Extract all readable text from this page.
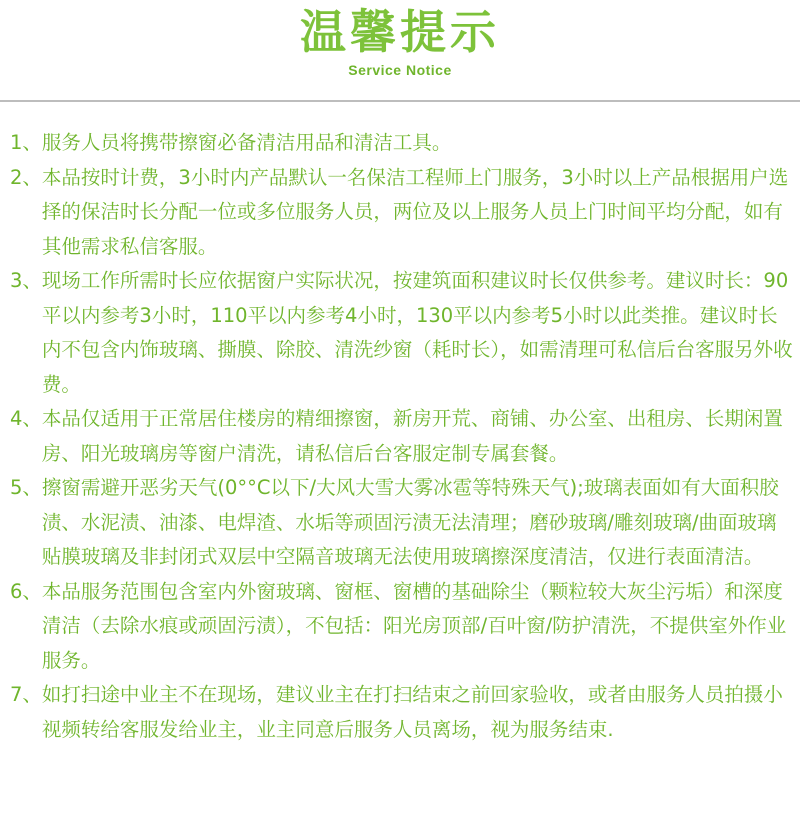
温馨提示
Service Notice
1、 服务人员将携带擦窗必备清洁用品和清洁工具。
2、 本品按时计费，3小时内产品默认一名保洁工程师上门服务，3小时以上产品根据用户选择的保洁时长分配一位或多位服务人员，两位及以上服务人员上门时间平均分配，如有其他需求私信客服。
3、 现场工作所需时长应依据窗户实际状况，按建筑面积建议时长仅供参考。建议时长：90平以内参考3小时，110平以内参考4小时，130平以内参考5小时以此类推。建议时长内不包含内饰玻璃、撕膜、除胶、清洗纱窗（耗时长），如需清理可私信后台客服另外收费。
4、 本品仅适用于正常居住楼房的精细擦窗，新房开荒、商铺、办公室、出租房、长期闲置房、阳光玻璃房等窗户清洗，请私信后台客服定制专属套餐。
5、 擦窗需避开恶劣天气(0°°C以下/大风大雪大雾冰雹等特殊天气);玻璃表面如有大面积胶渍、水泥渍、油漆、电焊渣、水垢等顽固污渍无法清理；磨砂玻璃/雕刻玻璃/曲面玻璃贴膜玻璃及非封闭式双层中空隔音玻璃无法使用玻璃擦深度清洁，仅进行表面清洁。
6、 本品服务范围包含室内外窗玻璃、窗框、窗槽的基础除尘（颗粒较大灰尘污垢）和深度清洁（去除水痕或顽固污渍），不包括：阳光房顶部/百叶窗/防护清洗，不提供室外作业服务。
7、 如打扫途中业主不在现场，建议业主在打扫结束之前回家验收，或者由服务人员拍摄小视频转给客服发给业主，业主同意后服务人员离场，视为服务结束.
